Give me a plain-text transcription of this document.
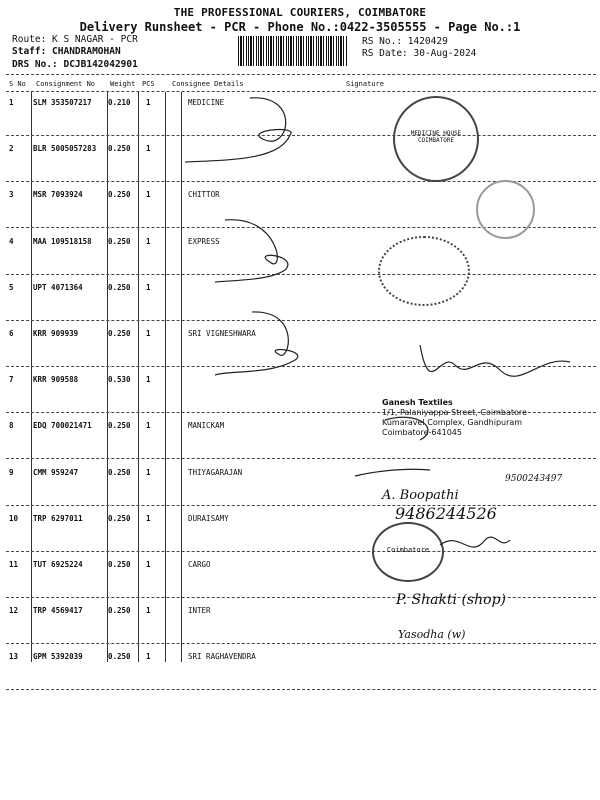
THE PROFESSIONAL COURIERS, COIMBATORE
Delivery Runsheet - PCR - Phone No.:0422-3505555 - Page No.:1
Route: K S NAGAR - PCR
Staff: CHANDRAMOHAN
DRS No.: DCJB142042901
RS No.: 1420429
RS Date: 30-Aug-2024
S No Consignment No Weight PCS Consignee Details	Signature
1	SLM 353507217 0.210 1	MEDICINE
2	BLR 5005057283 0.250 1
3	MSR 7093924	0.250 1	CHITTOR
4	MAA 109518158 0.250 1	EXPRESS
5	UPT 4071364	0.250 1
6	KRR 909939	0.250 1	SRI VIGNESHWARA
7	KRR 909588	0.530 1
8	EDQ 700021471 0.250 1	MANICKAM
9	CMM 959247	0.250 1	THIYAGARAJAN
10 TRP 6297011	0.250 1	DURAISAMY
11 TUT 6925224	0.250 1	CARGO
12 TRP 4569417	0.250 1	INTER
13 GPM 5392039	0.250 1	SRI RAGHAVENDRA
MEDICINE HOUSE COIMBATORE
Coimbatore
Ganesh Textiles
1/1, Palaniyappa Street, Coimbatore
Kumaravel Complex, Gandhipuram
Coimbatore-641045
9500243497
A. Boopathi
9486244526
P. Shakti (shop)
Yasodha (w)
